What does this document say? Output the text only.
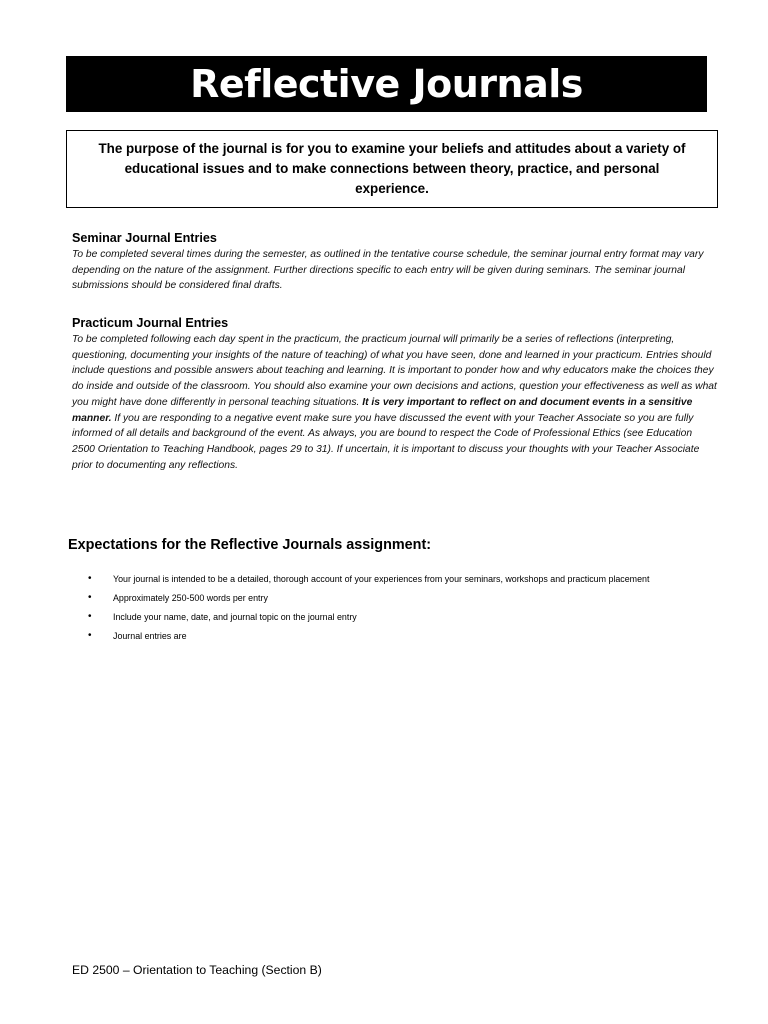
Reflective Journals

The purpose of the journal is for you to examine your beliefs and attitudes about a variety of educational issues and to make connections between theory, practice, and personal experience.

Seminar Journal Entries

To be completed several times during the semester, as outlined in the tentative course schedule, the seminar journal entry format may vary depending on the nature of the assignment. Further directions specific to each entry will be given during seminars. The seminar journal submissions should be considered final drafts.

Practicum Journal Entries

To be completed following each day spent in the practicum, the practicum journal will primarily be a series of reflections (interpreting, questioning, documenting your insights of the nature of teaching) of what you have seen, done and learned in your practicum. Entries should include questions and possible answers about teaching and learning. It is important to ponder how and why educators make the choices they do inside and outside of the classroom. You should also examine your own decisions and actions, question your effectiveness as well as what you might have done differently in personal teaching situations. It is very important to reflect on and document events in a sensitive manner. If you are responding to a negative event make sure you have discussed the event with your Teacher Associate so you are fully informed of all details and background of the event. As always, you are bound to respect the Code of Professional Ethics (see Education 2500 Orientation to Teaching Handbook, pages 29 to 31). If uncertain, it is important to discuss your thoughts with your Teacher Associate prior to documenting any reflections.

Expectations for the Reflective Journals assignment:
• Your journal is intended to be a detailed, thorough account of your experiences from your seminars, workshops and practicum placement
• Approximately 250-500 words per entry
• Include your name, date, and journal topic on the journal entry
• Journal entries are

ED 2500 – Orientation to Teaching (Section B)
